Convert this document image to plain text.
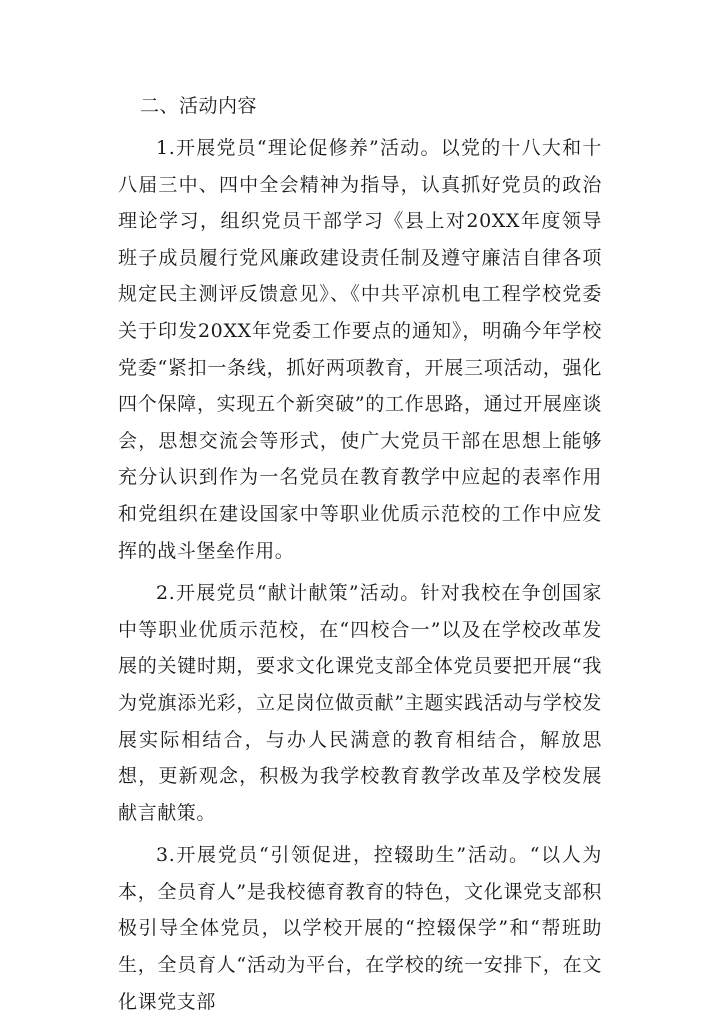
二、活动内容

1.开展党员“理论促修养”活动。以党的十八大和十八届三中、四中全会精神为指导，认真抓好党员的政治理论学习，组织党员干部学习《县上对20XX年度领导班子成员履行党风廉政建设责任制及遵守廉洁自律各项规定民主测评反馈意见》、《中共平凉机电工程学校党委关于印发20XX年党委工作要点的通知》，明确今年学校党委“紧扣一条线，抓好两项教育，开展三项活动，强化四个保障，实现五个新突破”的工作思路，通过开展座谈会，思想交流会等形式，使广大党员干部在思想上能够充分认识到作为一名党员在教育教学中应起的表率作用和党组织在建设国家中等职业优质示范校的工作中应发挥的战斗堡垒作用。

2.开展党员“献计献策”活动。针对我校在争创国家中等职业优质示范校，在“四校合一”以及在学校改革发展的关键时期，要求文化课党支部全体党员要把开展“我为党旗添光彩，立足岗位做贡献”主题实践活动与学校发展实际相结合，与办人民满意的教育相结合，解放思想，更新观念，积极为我学校教育教学改革及学校发展献言献策。

3.开展党员“引领促进，控辍助生”活动。“以人为本，全员育人”是我校德育教育的特色，文化课党支部积极引导全体党员，以学校开展的“控辍保学”和“帮班助生，全员育人“活动为平台，在学校的统一安排下，在文化课党支部
